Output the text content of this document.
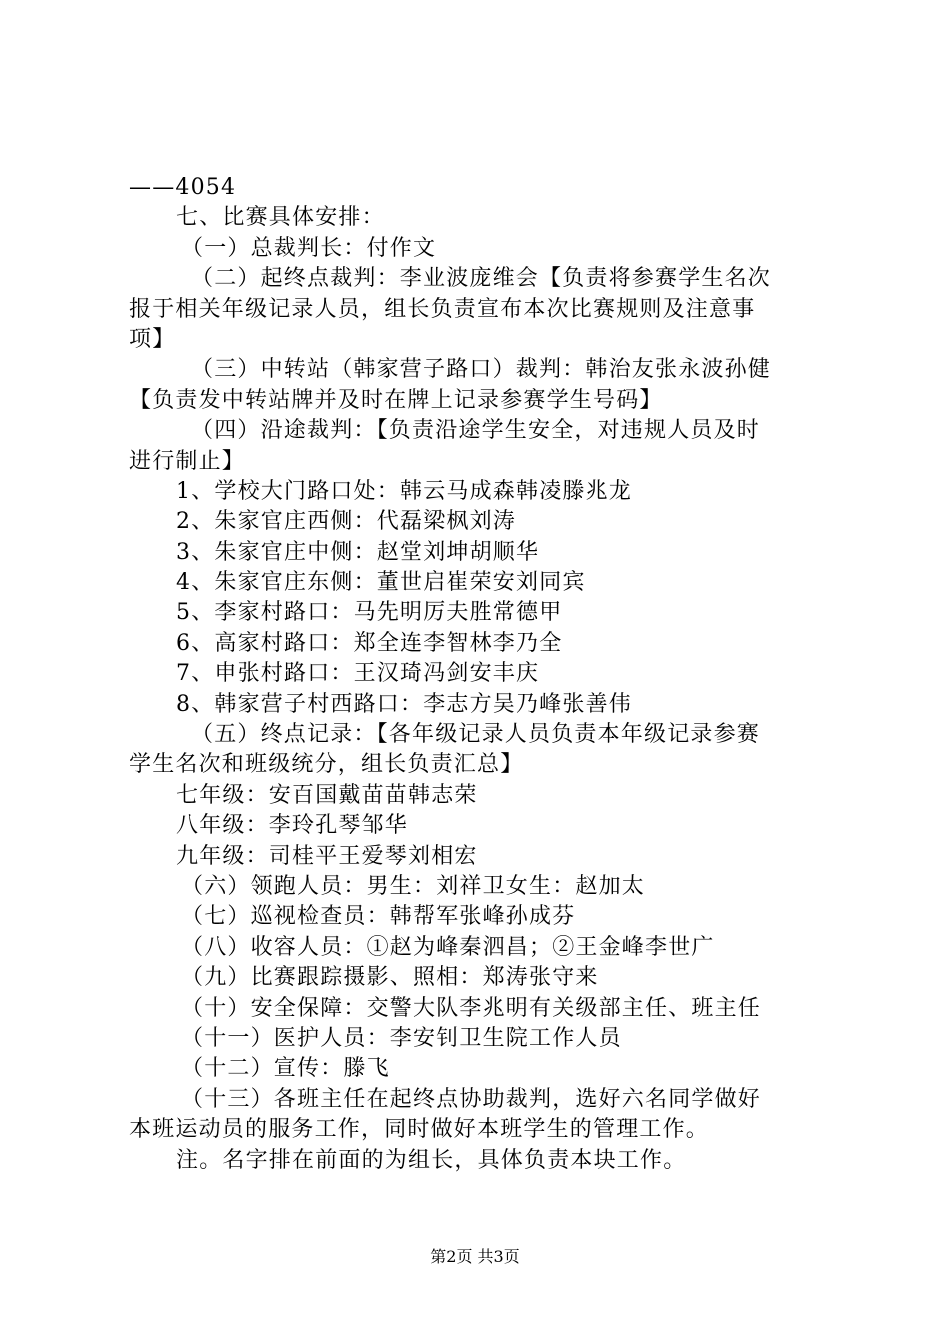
——4054
七、比赛具体安排：
（一）总裁判长：付作文
（二）起终点裁判：李业波庞维会【负责将参赛学生名次
报于相关年级记录人员，组长负责宣布本次比赛规则及注意事
项】
（三）中转站（韩家营子路口）裁判：韩治友张永波孙健
【负责发中转站牌并及时在牌上记录参赛学生号码】
（四）沿途裁判：【负责沿途学生安全，对违规人员及时
进行制止】
1、学校大门路口处：韩云马成森韩凌滕兆龙
2、朱家官庄西侧：代磊梁枫刘涛
3、朱家官庄中侧：赵堂刘坤胡顺华
4、朱家官庄东侧：董世启崔荣安刘同宾
5、李家村路口：马先明厉夫胜常德甲
6、高家村路口：郑全连李智林李乃全
7、申张村路口：王汉琦冯剑安丰庆
8、韩家营子村西路口：李志方吴乃峰张善伟
（五）终点记录：【各年级记录人员负责本年级记录参赛
学生名次和班级统分，组长负责汇总】
七年级：安百国戴苗苗韩志荣
八年级：李玲孔琴邹华
九年级：司桂平王爱琴刘相宏
（六）领跑人员：男生：刘祥卫女生：赵加太
（七）巡视检查员：韩帮军张峰孙成芬
（八）收容人员：①赵为峰秦泗昌；②王金峰李世广
（九）比赛跟踪摄影、照相：郑涛张守来
（十）安全保障：交警大队李兆明有关级部主任、班主任
（十一）医护人员：李安钊卫生院工作人员
（十二）宣传：滕飞
（十三）各班主任在起终点协助裁判，选好六名同学做好
本班运动员的服务工作，同时做好本班学生的管理工作。
注。名字排在前面的为组长，具体负责本块工作。
第2页 共3页
